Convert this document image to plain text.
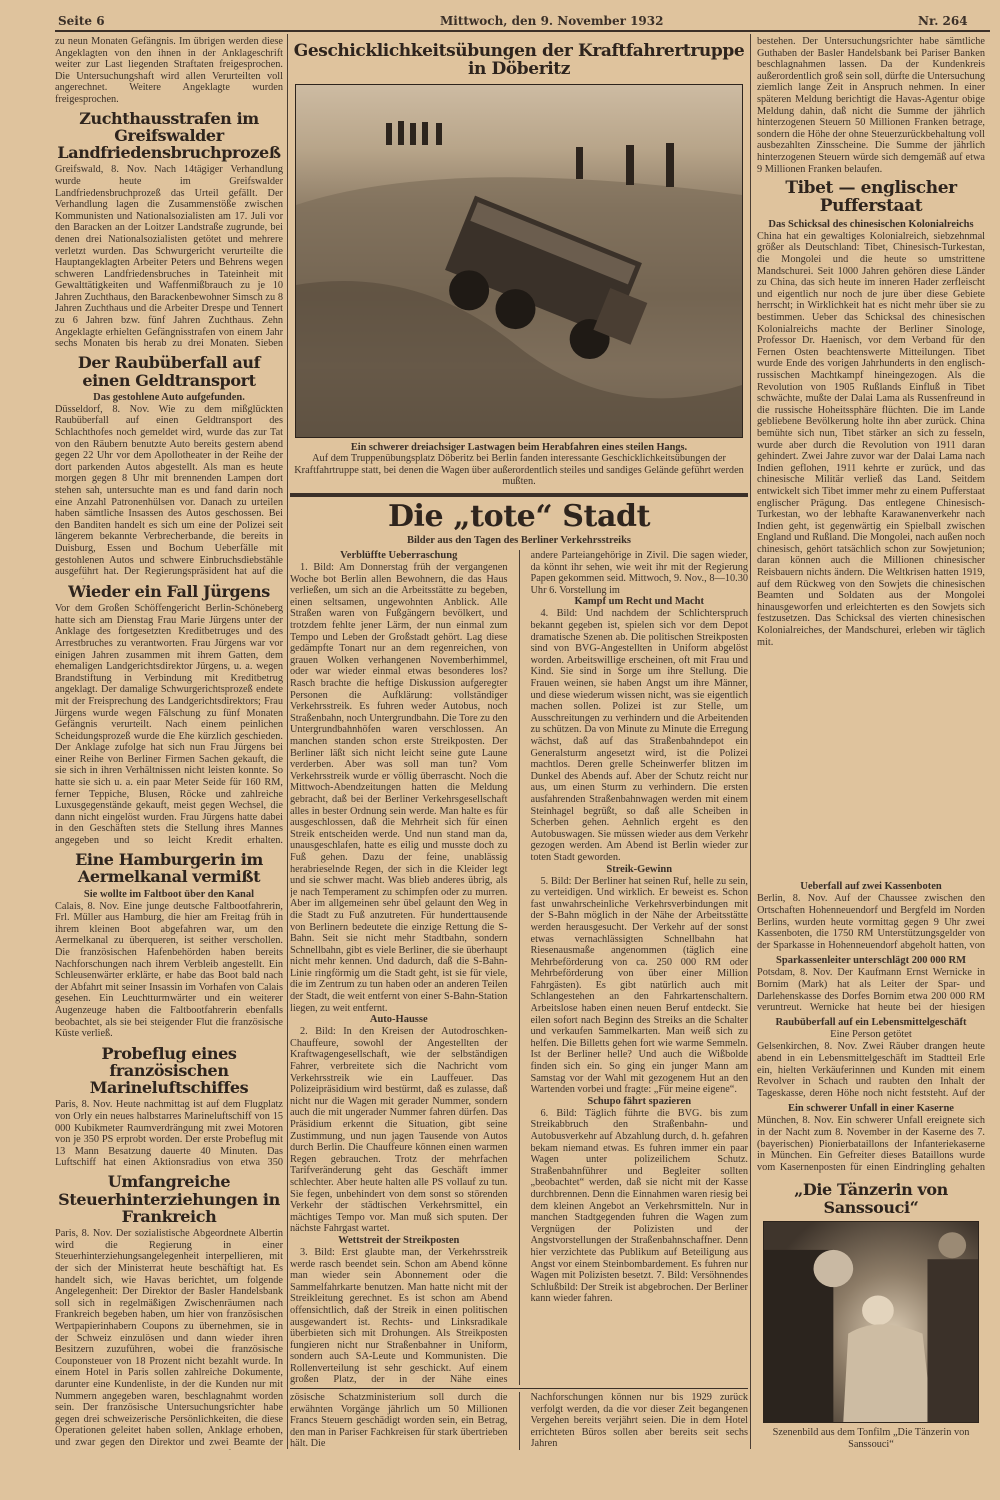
Seite 6	Mittwoch, den 9. November 1932	Nr. 264
zu neun Monaten Gefängnis. Im übrigen werden diese Angeklagten von den ihnen in der Anklageschrift weiter zur Last liegenden Straftaten freigesprochen. Die Untersuchungshaft wird allen Verurteilten voll angerechnet. Weitere Angeklagte wurden freigesprochen.
Zuchthausstrafen im Greifswalder Landfriedensbruchprozeß
Greifswald, 8. Nov. Nach 14tägiger Verhandlung wurde heute im Greifswalder Landfriedensbruchprozeß das Urteil gefällt. Der Verhandlung lagen die Zusammenstöße zwischen Kommunisten und Nationalsozialisten am 17. Juli vor den Baracken an der Loitzer Landstraße zugrunde, bei denen drei Nationalsozialisten getötet und mehrere verletzt wurden. Das Schwurgericht verurteilte die Hauptangeklagten Arbeiter Peters und Behrens wegen schweren Landfriedensbruches in Tateinheit mit Gewalttätigkeiten und Waffenmißbrauch zu je 10 Jahren Zuchthaus, den Barackenbewohner Simsch zu 8 Jahren Zuchthaus und die Arbeiter Drespe und Tennert zu 6 Jahren bzw. fünf Jahren Zuchthaus. Zehn Angeklagte erhielten Gefängnisstrafen von einem Jahr sechs Monaten bis herab zu drei Monaten. Sieben
Der Raubüberfall auf einen Geldtransport
Das gestohlene Auto aufgefunden.
Düsseldorf, 8. Nov. Wie zu dem mißglückten Raubüberfall auf einen Geldtransport des Schlachthofes noch gemeldet wird, wurde das zur Tat von den Räubern benutzte Auto bereits gestern abend gegen 22 Uhr vor dem Apollotheater in der Reihe der dort parkenden Autos abgestellt. Als man es heute morgen gegen 8 Uhr mit brennenden Lampen dort stehen sah, untersuchte man es und fand darin noch eine Anzahl Patronenhülsen vor. Danach zu urteilen haben sämtliche Insassen des Autos geschossen. Bei den Banditen handelt es sich um eine der Polizei seit längerem bekannte Verbrecherbande, die bereits in Duisburg, Essen und Bochum Ueberfälle mit gestohlenen Autos und schwere Einbruchsdiebstähle ausgeführt hat. Der Regierungspräsident hat auf die
Wieder ein Fall Jürgens
Vor dem Großen Schöffengericht Berlin-Schöneberg hatte sich am Dienstag Frau Marie Jürgens unter der Anklage des fortgesetzten Kreditbetruges und des Arrestbruches zu verantworten. Frau Jürgens war vor einigen Jahren zusammen mit ihrem Gatten, dem ehemaligen Landgerichtsdirektor Jürgens, u. a. wegen Brandstiftung in Verbindung mit Kreditbetrug angeklagt. Der damalige Schwurgerichtsprozeß endete mit der Freisprechung des Landgerichtsdirektors; Frau Jürgens wurde wegen Fälschung zu fünf Monaten Gefängnis verurteilt. Nach einem peinlichen Scheidungsprozeß wurde die Ehe kürzlich geschieden. Der Anklage zufolge hat sich nun Frau Jürgens bei einer Reihe von Berliner Firmen Sachen gekauft, die sie sich in ihren Verhältnissen nicht leisten konnte. So hatte sie sich u. a. ein paar Meter Seide für 160 RM, ferner Teppiche, Blusen, Röcke und zahlreiche Luxusgegenstände gekauft, meist gegen Wechsel, die dann nicht eingelöst wurden. Frau Jürgens hatte dabei in den Geschäften stets die Stellung ihres Mannes angegeben und so leicht Kredit erhalten.
Eine Hamburgerin im Aermelkanal vermißt
Sie wollte im Faltboot über den Kanal
Calais, 8. Nov. Eine junge deutsche Faltbootfahrerin, Frl. Müller aus Hamburg, die hier am Freitag früh in ihrem kleinen Boot abgefahren war, um den Aermelkanal zu überqueren, ist seither verschollen. Die französischen Hafenbehörden haben bereits Nachforschungen nach ihrem Verbleib angestellt. Ein Schleusenwärter erklärte, er habe das Boot bald nach der Abfahrt mit seiner Insassin im Vorhafen von Calais gesehen. Ein Leuchtturmwärter und ein weiterer Augenzeuge haben die Faltbootfahrerin ebenfalls beobachtet, als sie bei steigender Flut die französische Küste verließ.
Probeflug eines französischen Marineluftschiffes
Paris, 8. Nov. Heute nachmittag ist auf dem Flugplatz von Orly ein neues halbstarres Marineluftschiff von 15 000 Kubikmeter Raumverdrängung mit zwei Motoren von je 350 PS erprobt worden. Der erste Probeflug mit 13 Mann Besatzung dauerte 40 Minuten. Das Luftschiff hat einen Aktionsradius von etwa 350
Umfangreiche Steuerhinterziehungen in Frankreich
Paris, 8. Nov. Der sozialistische Abgeordnete Albertin wird die Regierung in einer Steuerhinterziehungsangelegenheit interpellieren, mit der sich der Ministerrat heute beschäftigt hat. Es handelt sich, wie Havas berichtet, um folgende Angelegenheit: Der Direktor der Basler Handelsbank soll sich in regelmäßigen Zwischenräumen nach Frankreich begeben haben, um hier von französischen Wertpapierinhabern Coupons zu übernehmen, sie in der Schweiz einzulösen und dann wieder ihren Besitzern zuzuführen, wobei die französische Couponsteuer von 18 Prozent nicht bezahlt wurde. In einem Hotel in Paris sollen zahlreiche Dokumente, darunter eine Kundenliste, in der die Kunden nur mit Nummern angegeben waren, beschlagnahmt worden sein. Der französische Untersuchungsrichter habe gegen drei schweizerische Persönlichkeiten, die diese Operationen geleitet haben sollen, Anklage erhoben, und zwar gegen den Direktor und zwei Beamte der
Geschicklichkeitsübungen der Kraftfahrertruppe in Döberitz
Ein schwerer dreiachsiger Lastwagen beim Herabfahren eines steilen Hangs.
Auf dem Truppenübungsplatz Döberitz bei Berlin fanden interessante Geschicklichkeitsübungen der Kraftfahrtruppe statt, bei denen die Wagen über außerordentlich steiles und sandiges Gelände geführt werden mußten.
Die „tote“ Stadt
Bilder aus den Tagen des Berliner Verkehrsstreiks
Verblüffte Ueberraschung

1. Bild: Am Donnerstag früh der vergangenen Woche bot Berlin allen Bewohnern, die das Haus verließen, um sich an die Arbeitsstätte zu begeben, einen seltsamen, ungewohnten Anblick. Alle Straßen waren von Fußgängern bevölkert, und trotzdem fehlte jener Lärm, der nun einmal zum Tempo und Leben der Großstadt gehört. Lag diese gedämpfte Tonart nur an dem regenreichen, von grauen Wolken verhangenen Novemberhimmel, oder war wieder einmal etwas besonderes los? Rasch brachte die heftige Diskussion aufgeregter Personen die Aufklärung: vollständiger Verkehrsstreik. Es fuhren weder Autobus, noch Straßenbahn, noch Untergrundbahn. Die Tore zu den Untergrundbahnhöfen waren verschlossen. An manchen standen schon erste Streikposten. Der Berliner läßt sich nicht leicht seine gute Laune verderben. Aber was soll man tun? Vom Verkehrsstreik wurde er völlig überrascht. Noch die Mittwoch-Abendzeitungen hatten die Meldung gebracht, daß bei der Berliner Verkehrsgesellschaft alles in bester Ordnung sein werde. Man halte es für ausgeschlossen, daß die Mehrheit sich für einen Streik entscheiden werde. Und nun stand man da, unausgeschlafen, hatte es eilig und musste doch zu Fuß gehen. Dazu der feine, unablässig herabrieselnde Regen, der sich in die Kleider legt und sie schwer macht. Was blieb anderes übrig, als je nach Temperament zu schimpfen oder zu murren. Aber im allgemeinen sehr übel gelaunt den Weg in die Stadt zu Fuß anzutreten. Für hunderttausende von Berlinern bedeutete die einzige Rettung die S-Bahn. Seit sie nicht mehr Stadtbahn, sondern Schnellbahn, gibt es viele Berliner, die sie überhaupt nicht mehr kennen. Und dadurch, daß die S-Bahn-Linie ringförmig um die Stadt geht, ist sie für viele, die im Zentrum zu tun haben oder an anderen Teilen der Stadt, die weit entfernt von einer S-Bahn-Station liegen, zu weit entfernt.

Auto-Hausse

2. Bild: In den Kreisen der Autodroschken-Chauffeure, sowohl der Angestellten der Kraftwagengesellschaft, wie der selbständigen Fahrer, verbreitete sich die Nachricht vom Verkehrsstreik wie ein Lauffeuer. Das Polizeipräsidium wird bestürmt, daß es zulasse, daß nicht nur die Wagen mit gerader Nummer, sondern auch die mit ungerader Nummer fahren dürfen. Das Präsidium erkennt die Situation, gibt seine Zustimmung, und nun jagen Tausende von Autos durch Berlin. Die Chauffeure können einen warmen Regen gebrauchen. Trotz der mehrfachen Tarifveränderung geht das Geschäft immer schlechter. Aber heute halten alle PS vollauf zu tun. Sie fegen, unbehindert von dem sonst so störenden Verkehr der städtischen Verkehrsmittel, ein mächtiges Tempo vor. Man muß sich sputen. Der nächste Fahrgast wartet.

Wettstreit der Streikposten

3. Bild: Erst glaubte man, der Verkehrsstreik werde rasch beendet sein. Schon am Abend könne man wieder sein Abonnement oder die Sammelfahrkarte benutzen. Man hatte nicht mit der Streikleitung gerechnet. Es ist schon am Abend offensichtlich, daß der Streik in einen politischen ausgewandert ist. Rechts- und Linksradikale überbieten sich mit Drohungen. Als Streikposten fungieren nicht nur Straßenbahner in Uniform, sondern auch SA-Leute und Kommunisten. Die Rollenverteilung ist sehr geschickt. Auf einem großen Platz, der in der Nähe eines

andere Parteiangehörige in Zivil. Die sagen wieder, da könnt ihr sehen, wie weit ihr mit der Regierung Papen gekommen seid. Mittwoch, 9. Nov., 8—10.30 Uhr 6. Vorstellung im

Kampf um Recht und Macht

4. Bild: Und nachdem der Schlichterspruch bekannt gegeben ist, spielen sich vor dem Depot dramatische Szenen ab. Die politischen Streikposten sind von BVG-Angestellten in Uniform abgelöst worden. Arbeitswillige erscheinen, oft mit Frau und Kind. Sie sind in Sorge um ihre Stellung. Die Frauen weinen, sie haben Angst um ihre Männer, und diese wiederum wissen nicht, was sie eigentlich machen sollen. Polizei ist zur Stelle, um Ausschreitungen zu verhindern und die Arbeitenden zu schützen. Da von Minute zu Minute die Erregung wächst, daß auf das Straßenbahndepot ein Generalsturm angesetzt wird, ist die Polizei machtlos. Deren grelle Scheinwerfer blitzen im Dunkel des Abends auf. Aber der Schutz reicht nur aus, um einen Sturm zu verhindern. Die ersten ausfahrenden Straßenbahnwagen werden mit einem Steinhagel begrüßt, so daß alle Scheiben in Scherben gehen. Aehnlich ergeht es den Autobuswagen. Sie müssen wieder aus dem Verkehr gezogen werden. Am Abend ist Berlin wieder zur toten Stadt geworden.

Streik-Gewinn

5. Bild: Der Berliner hat seinen Ruf, helle zu sein, zu verteidigen. Und wirklich. Er beweist es. Schon fast unwahrscheinliche Verkehrsverbindungen mit der S-Bahn möglich in der Nähe der Arbeitsstätte werden herausgesucht. Der Verkehr auf der sonst etwas vernachlässigten Schnellbahn hat Riesenausmaße angenommen (täglich eine Mehrbeförderung von ca. 250 000 RM oder Mehrbeförderung von über einer Million Fahrgästen). Es gibt natürlich auch mit Schlangestehen an den Fahrkartenschaltern. Arbeitslose haben einen neuen Beruf entdeckt. Sie eilen sofort nach Beginn des Streiks an die Schalter und verkaufen Sammelkarten. Man weiß sich zu helfen. Die Billetts gehen fort wie warme Semmeln. Ist der Berliner helle? Und auch die Wißbolde finden sich ein. So ging ein junger Mann am Samstag vor der Wahl mit gezogenem Hut an den Wartenden vorbei und fragte: „Für meine eigene“.

Schupo fährt spazieren

6. Bild: Täglich führte die BVG. bis zum Streikabbruch den Straßenbahn- und Autobusverkehr auf Abzahlung durch, d. h. gefahren bekam niemand etwas. Es fuhren immer ein paar Wagen unter polizeilichem Schutz. Straßenbahnführer und Begleiter sollten „beobachtet“ werden, daß sie nicht mit der Kasse durchbrennen. Denn die Einnahmen waren riesig bei dem kleinen Angebot an Verkehrsmitteln. Nur in manchen Stadtgegenden fuhren die Wagen zum Vergnügen der Polizisten und der Angstvorstellungen der Straßenbahnschaffner. Denn hier verzichtete das Publikum auf Beteiligung aus Angst vor einem Steinbombardement. Es fuhren nur Wagen mit Polizisten besetzt. 7. Bild: Versöhnendes Schlußbild: Der Streik ist abgebrochen. Der Berliner kann wieder fahren.

zösische Schatzministerium soll durch die erwähnten Vorgänge jährlich um 50 Millionen Francs Steuern geschädigt worden sein, ein Betrag, den man in Pariser Fachkreisen für stark übertrieben hält. Die
Nachforschungen können nur bis 1929 zurück verfolgt werden, da die vor dieser Zeit begangenen Vergehen bereits verjährt seien. Die in dem Hotel errichteten Büros sollen aber bereits seit sechs Jahren
bestehen. Der Untersuchungsrichter habe sämtliche Guthaben der Basler Handelsbank bei Pariser Banken beschlagnahmen lassen. Da der Kundenkreis außerordentlich groß sein soll, dürfte die Untersuchung ziemlich lange Zeit in Anspruch nehmen. In einer späteren Meldung berichtigt die Havas-Agentur obige Meldung dahin, daß nicht die Summe der jährlich hinterzogenen Steuern 50 Millionen Franken betrage, sondern die Höhe der ohne Steuerzurückbehaltung voll ausbezahlten Zinsscheine. Die Summe der jährlich hinterzogenen Steuern würde sich demgemäß auf etwa 9 Millionen Franken belaufen.
Tibet — englischer Pufferstaat
Das Schicksal des chinesischen Kolonialreichs
China hat ein gewaltiges Kolonialreich, siebzehnmal größer als Deutschland: Tibet, Chinesisch-Turkestan, die Mongolei und die heute so umstrittene Mandschurei. Seit 1000 Jahren gehören diese Länder zu China, das sich heute im inneren Hader zerfleischt und eigentlich nur noch de jure über diese Gebiete herrscht; in Wirklichkeit hat es nicht mehr über sie zu bestimmen. Ueber das Schicksal des chinesischen Kolonialreichs machte der Berliner Sinologe, Professor Dr. Haenisch, vor dem Verband für den Fernen Osten beachtenswerte Mitteilungen. Tibet wurde Ende des vorigen Jahrhunderts in den englisch-russischen Machtkampf hineingezogen. Als die Revolution von 1905 Rußlands Einfluß in Tibet schwächte, mußte der Dalai Lama als Russenfreund in die russische Hoheitssphäre flüchten. Die im Lande gebliebene Bevölkerung holte ihn aber zurück. China bemühte sich nun, Tibet stärker an sich zu fesseln, wurde aber durch die Revolution von 1911 daran gehindert. Zwei Jahre zuvor war der Dalai Lama nach Indien geflohen, 1911 kehrte er zurück, und das chinesische Militär verließ das Land. Seitdem entwickelt sich Tibet immer mehr zu einem Pufferstaat englischer Prägung. Das entlegene Chinesisch-Turkestan, wo der lebhafte Karawanenverkehr nach Indien geht, ist gegenwärtig ein Spielball zwischen England und Rußland. Die Mongolei, nach außen noch chinesisch, gehört tatsächlich schon zur Sowjetunion; daran können auch die Millionen chinesischer Reisbauern nichts ändern. Die Weltkrisen hatten 1919, auf dem Rückweg von den Sowjets die chinesischen Beamten und Soldaten aus der Mongolei hinausgeworfen und erleichterten es den Sowjets sich festzusetzen. Das Schicksal des vierten chinesischen Kolonialreiches, der Mandschurei, erleben wir täglich mit.
Ueberfall auf zwei Kassenboten
Berlin, 8. Nov. Auf der Chaussee zwischen den Ortschaften Hohenneuendorf und Bergfeld im Norden Berlins, wurden heute vormittag gegen 9 Uhr zwei Kassenboten, die 1750 RM Unterstützungsgelder von der Sparkasse in Hohenneuendorf abgeholt hatten, von
Sparkassenleiter unterschlägt 200 000 RM
Potsdam, 8. Nov. Der Kaufmann Ernst Wernicke in Bornim (Mark) hat als Leiter der Spar- und Darlehenskasse des Dorfes Bornim etwa 200 000 RM veruntreut. Wernicke hat heute bei der hiesigen
Raubüberfall auf ein Lebensmittelgeschäft
Eine Person getötet
Gelsenkirchen, 8. Nov. Zwei Räuber drangen heute abend in ein Lebensmittelgeschäft im Stadtteil Erle ein, hielten Verkäuferinnen und Kunden mit einem Revolver in Schach und raubten den Inhalt der Tageskasse, deren Höhe noch nicht feststeht. Auf der
Ein schwerer Unfall in einer Kaserne
München, 8. Nov. Ein schwerer Unfall ereignete sich in der Nacht zum 8. November in der Kaserne des 7. (bayerischen) Pionierbataillons der Infanteriekaserne in München. Ein Gefreiter dieses Bataillons wurde vom Kasernenposten für einen Eindringling gehalten
„Die Tänzerin von Sanssouci“
Szenenbild aus dem Tonfilm „Die Tänzerin von Sanssouci“
